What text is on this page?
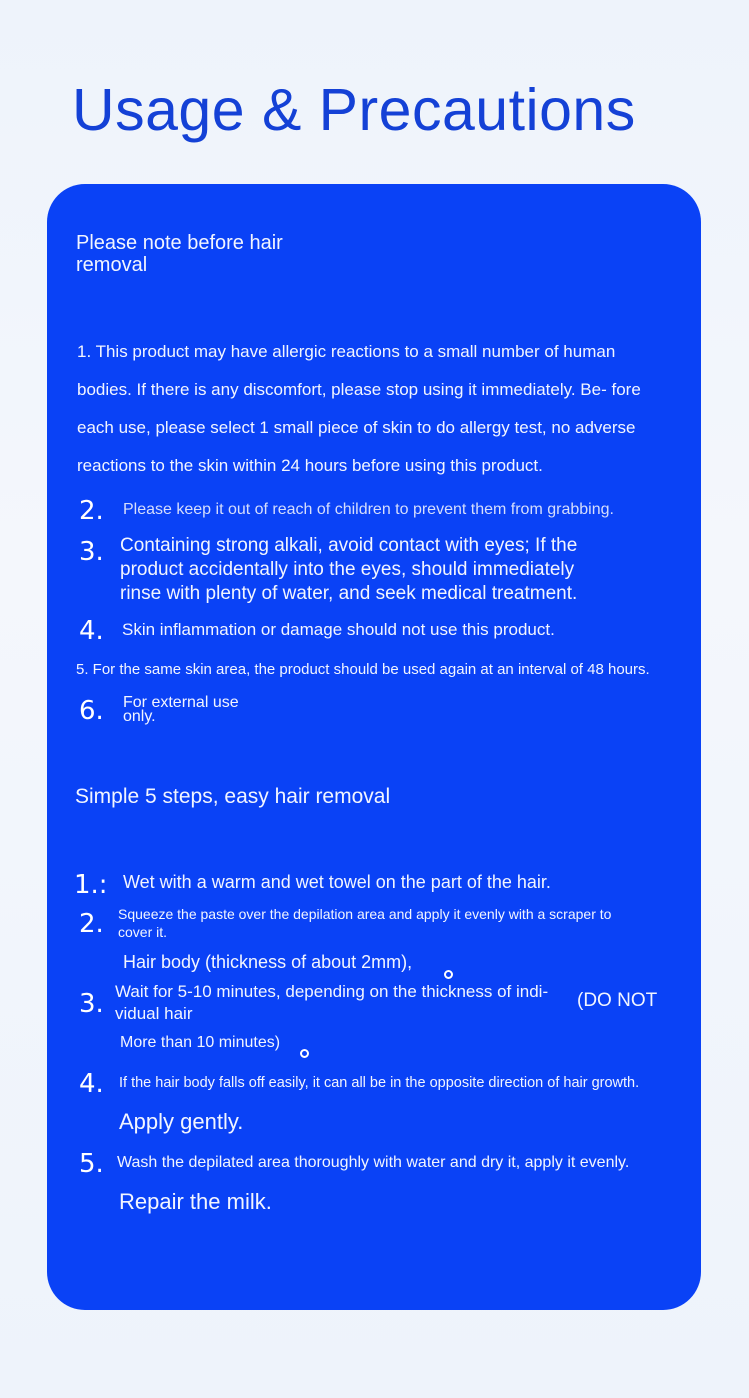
Usage & Precautions
Please note before hair
removal
1. This product may have allergic reactions to a small number of human bodies. If there is any discomfort, please stop using it immediately. Be- fore each use, please select 1 small piece of skin to do allergy test, no adverse reactions to the skin within 24 hours before using this product.
2. Please keep it out of reach of children to prevent them from grabbing.
3. Containing strong alkali, avoid contact with eyes; If the
product accidentally into the eyes, should immediately
rinse with plenty of water, and seek medical treatment.
4. Skin inflammation or damage should not use this product.
5. For the same skin area, the product should be used again at an interval of 48 hours.
6. For external use
only.
Simple 5 steps, easy hair removal
1.: Wet with a warm and wet towel on the part of the hair.
2. Squeeze the paste over the depilation area and apply it evenly with a scraper to
cover it.
Hair body (thickness of about 2mm),
3. Wait for 5-10 minutes, depending on the thickness of indi-
vidual hair
(DO NOT
More than 10 minutes)
4. If the hair body falls off easily, it can all be in the opposite direction of hair growth.
Apply gently.
5. Wash the depilated area thoroughly with water and dry it, apply it evenly.
Repair the milk.
